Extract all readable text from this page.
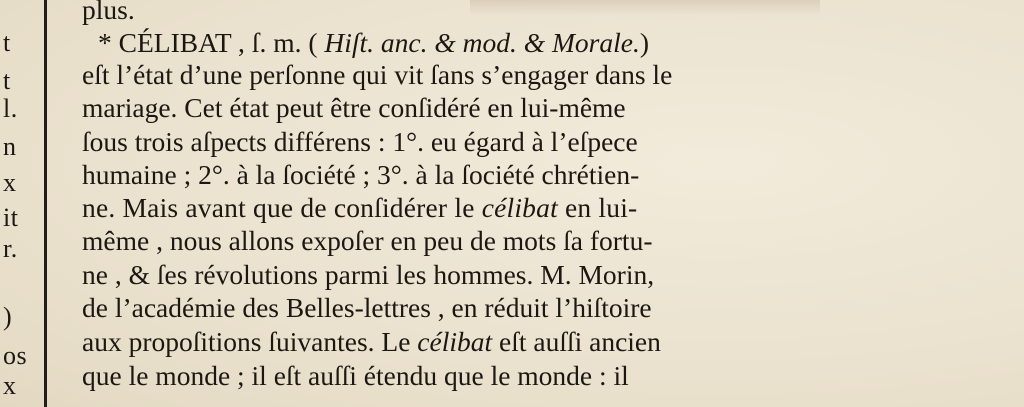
t
t
l.
n
x
it
r.
)
os
x
plus.
* CÉLIBAT , ſ. m. ( Hiſt. anc. & mod. & Morale.)
eſt l’état d’une perſonne qui vit ſans s’engager dans le
mariage. Cet état peut être conſidéré en lui-même
ſous trois aſpects différens : 1°. eu égard à l’eſpece
humaine ; 2°. à la ſociété ; 3°. à la ſociété chrétien-
ne. Mais avant que de conſidérer le célibat en lui-
même , nous allons expoſer en peu de mots ſa fortu-
ne , & ſes révolutions parmi les hommes. M. Morin,
de l’académie des Belles-lettres , en réduit l’hiſtoire
aux propoſitions ſuivantes. Le célibat eſt auſſi ancien
que le monde ; il eſt auſſi étendu que le monde : il
